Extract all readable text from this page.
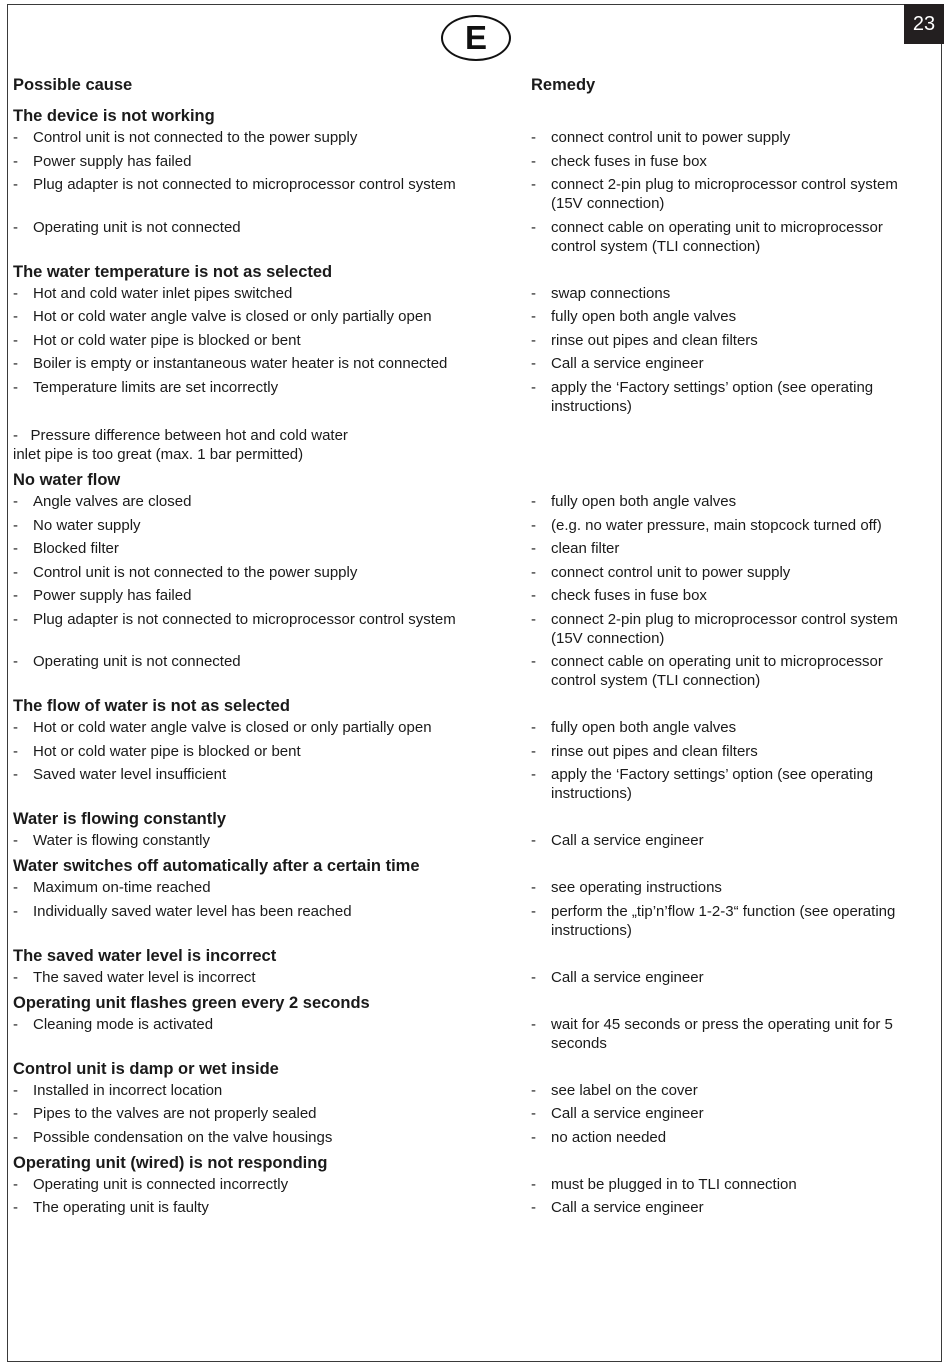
23
E
Possible cause	Remedy
The device is not working
-	Control unit is not connected to the power supply	-	connect control unit to power supply
-	Power supply has failed	-	check fuses in fuse box
-	Plug adapter is not connected to microprocessor control system	-	connect 2-pin plug to microprocessor control system (15V connection)
-	Operating unit is not connected	-	connect cable on operating unit to microprocessor control system (TLI connection)
The water temperature is not as selected
-	Hot and cold water inlet pipes switched	-	swap connections
-	Hot or cold water angle valve is closed or only partially open	-	fully open both angle valves
-	Hot or cold water pipe is blocked or bent	-	rinse out pipes and clean filters
-	Boiler is empty or instantaneous water heater is not connected	-	Call a service engineer
-	Temperature limits are set incorrectly	-	apply the ‘Factory settings’ option (see operating instructions)
-   Pressure difference between hot and cold water
inlet pipe is too great (max. 1 bar permitted)
No water flow
-	Angle valves are closed	-	fully open both angle valves
-	No water supply	-	(e.g. no water pressure, main stopcock turned off)
-	Blocked filter	-	clean filter
-	Control unit is not connected to the power supply	-	connect control unit to power supply
-	Power supply has failed	-	check fuses in fuse box
-	Plug adapter is not connected to microprocessor control system	-	connect 2-pin plug to microprocessor control system (15V connection)
-	Operating unit is not connected	-	connect cable on operating unit to microprocessor control system (TLI connection)
The flow of water is not as selected
-	Hot or cold water angle valve is closed or only partially open	-	fully open both angle valves
-	Hot or cold water pipe is blocked or bent	-	rinse out pipes and clean filters
-	Saved water level insufficient	-	apply the ‘Factory settings’ option (see operating instructions)
Water is flowing constantly
-	Water is flowing constantly	-	Call a service engineer
Water switches off automatically after a certain time
-	Maximum on-time reached	-	see operating instructions
-	Individually saved water level has been reached	-	perform the „tip’n’flow 1-2-3“ function (see operating instructions)
The saved water level is incorrect
-	The saved water level is incorrect	-	Call a service engineer
Operating unit flashes green every 2 seconds
-	Cleaning mode is activated	-	wait for 45 seconds or press the operating unit for 5 seconds
Control unit is damp or wet inside
-	Installed in incorrect location	-	see label on the cover
-	Pipes to the valves are not properly sealed	-	Call a service engineer
-	Possible condensation on the valve housings	-	no action needed
Operating unit (wired) is not responding
-	Operating unit is connected incorrectly	-	must be plugged in to TLI connection
-	The operating unit is faulty	-	Call a service engineer
